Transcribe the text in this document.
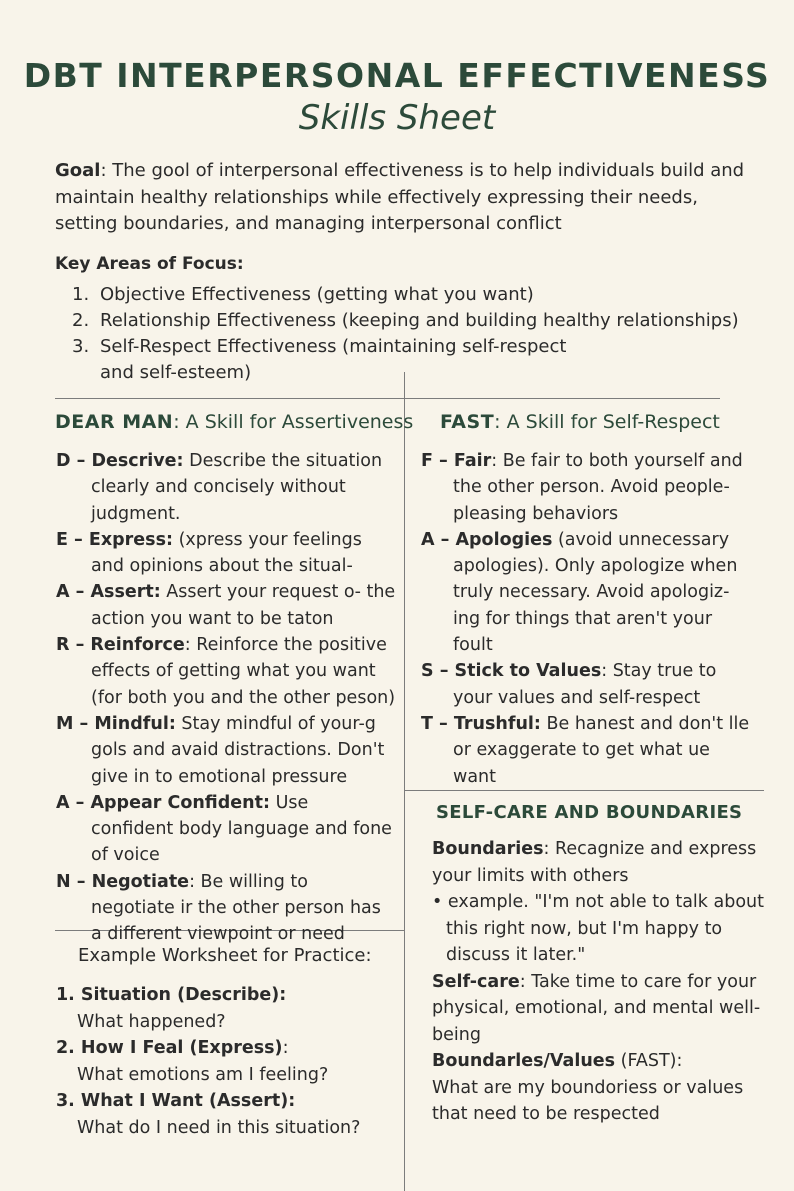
DBT INTERPERSONAL EFFECTIVENESS
Skills Sheet
Goal: The gool of interpersonal effectiveness is to help individuals build and maintain healthy relationships while effectively expressing their needs, setting boundaries, and managing interpersonal conflict
Key Areas of Focus:
1. Objective Effectiveness (getting what you want)
2. Relationship Effectiveness (keeping and building healthy relationships)
3. Self-Respect Effectiveness (maintaining self-respect and self-esteem)
DEAR MAN: A Skill for Assertiveness
D – Descrive: Describe the situation clearly and concisely without judgment.
E – Express: (xpress your feelings and opinions about the situal-
A – Assert: Assert your request o‑ the action you want to be taton
R – Reinforce: Reinforce the positive effects of getting what you want (for both you and the other peson)
M – Mindful: Stay mindful of your-g gols and avaid distractions. Don't give in to emotional pressure
A – Appear Confident: Use confident body language and fone of voice
N – Negotiate: Be willing to negotiate ir the other person has a different viewpoint or need
FAST: A Skill for Self-Respect
F – Fair: Be fair to both yourself and the other person. Avoid people-pleasing behaviors
A – Apologies (avoid unnecessary apologies). Only apologize when truly necessary. Avoid apologiz- ing for things that aren't your foult
S – Stick to Values: Stay true to your values and self-respect
T – Trushful: Be hanest and don't lle or exaggerate to get what ue want
Example Worksheet for Practice:
1. Situation (Describe):
What happened?
2. How I Feal (Express):
What emotions am I feeling?
3. What I Want (Assert):
What do I need in this situation?
SELF-CARE AND BOUNDARIES
Boundaries: Recagnize and express your limits with others
• example. "I'm not able to talk about this right now, but I'm happy to discuss it later."
Self-care: Take time to care for your physical, emotional, and mental well-being
Boundarles/Values (FAST):
What are my boundoriess or values that need to be respected
